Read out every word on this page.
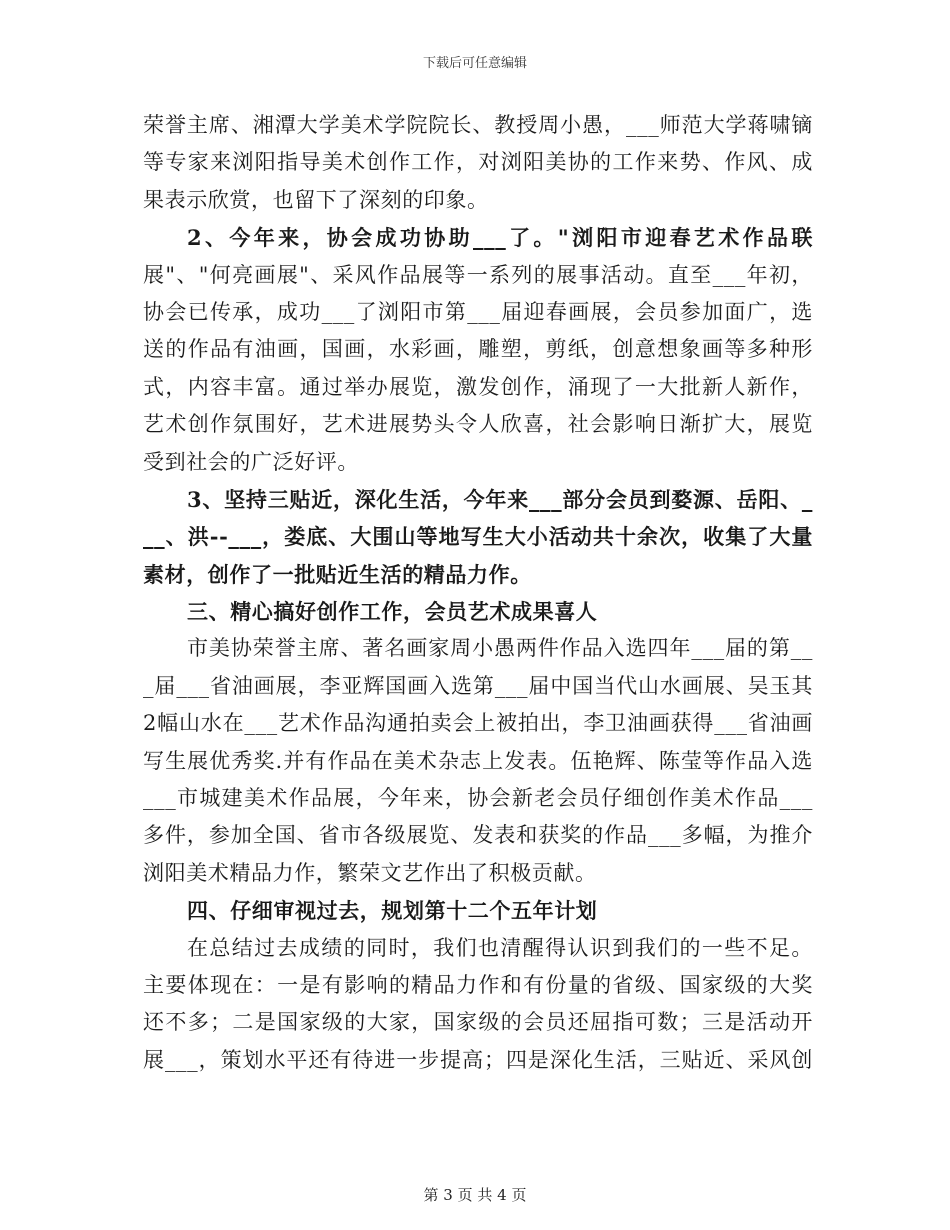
下载后可任意编辑
荣誉主席、湘潭大学美术学院院长、教授周小愚，___师范大学蒋啸镝
等专家来浏阳指导美术创作工作，对浏阳美协的工作来势、作风、成
果表示欣赏，也留下了深刻的印象。
2、今年来，协会成功协助___了。"浏阳市迎春艺术作品联
展"、"何亮画展"、采风作品展等一系列的展事活动。直至___年初，
协会已传承，成功___了浏阳市第___届迎春画展，会员参加面广，选
送的作品有油画，国画，水彩画，雕塑，剪纸，创意想象画等多种形
式，内容丰富。通过举办展览，激发创作，涌现了一大批新人新作，
艺术创作氛围好，艺术进展势头令人欣喜，社会影响日渐扩大，展览
受到社会的广泛好评。
3、坚持三贴近，深化生活，今年来___部分会员到婺源、岳阳、_
__、洪--___，娄底、大围山等地写生大小活动共十余次，收集了大量
素材，创作了一批贴近生活的精品力作。
三、精心搞好创作工作，会员艺术成果喜人
市美协荣誉主席、著名画家周小愚两件作品入选四年___届的第__
_届___省油画展，李亚辉国画入选第___届中国当代山水画展、吴玉其
2幅山水在___艺术作品沟通拍卖会上被拍出，李卫油画获得___省油画
写生展优秀奖.并有作品在美术杂志上发表。伍艳辉、陈莹等作品入选
___市城建美术作品展，今年来，协会新老会员仔细创作美术作品___
多件，参加全国、省市各级展览、发表和获奖的作品___多幅，为推介
浏阳美术精品力作，繁荣文艺作出了积极贡献。
四、仔细审视过去，规划第十二个五年计划
在总结过去成绩的同时，我们也清醒得认识到我们的一些不足。
主要体现在：一是有影响的精品力作和有份量的省级、国家级的大奖
还不多；二是国家级的大家，国家级的会员还屈指可数；三是活动开
展___，策划水平还有待进一步提高；四是深化生活，三贴近、采风创
第 3 页 共 4 页
